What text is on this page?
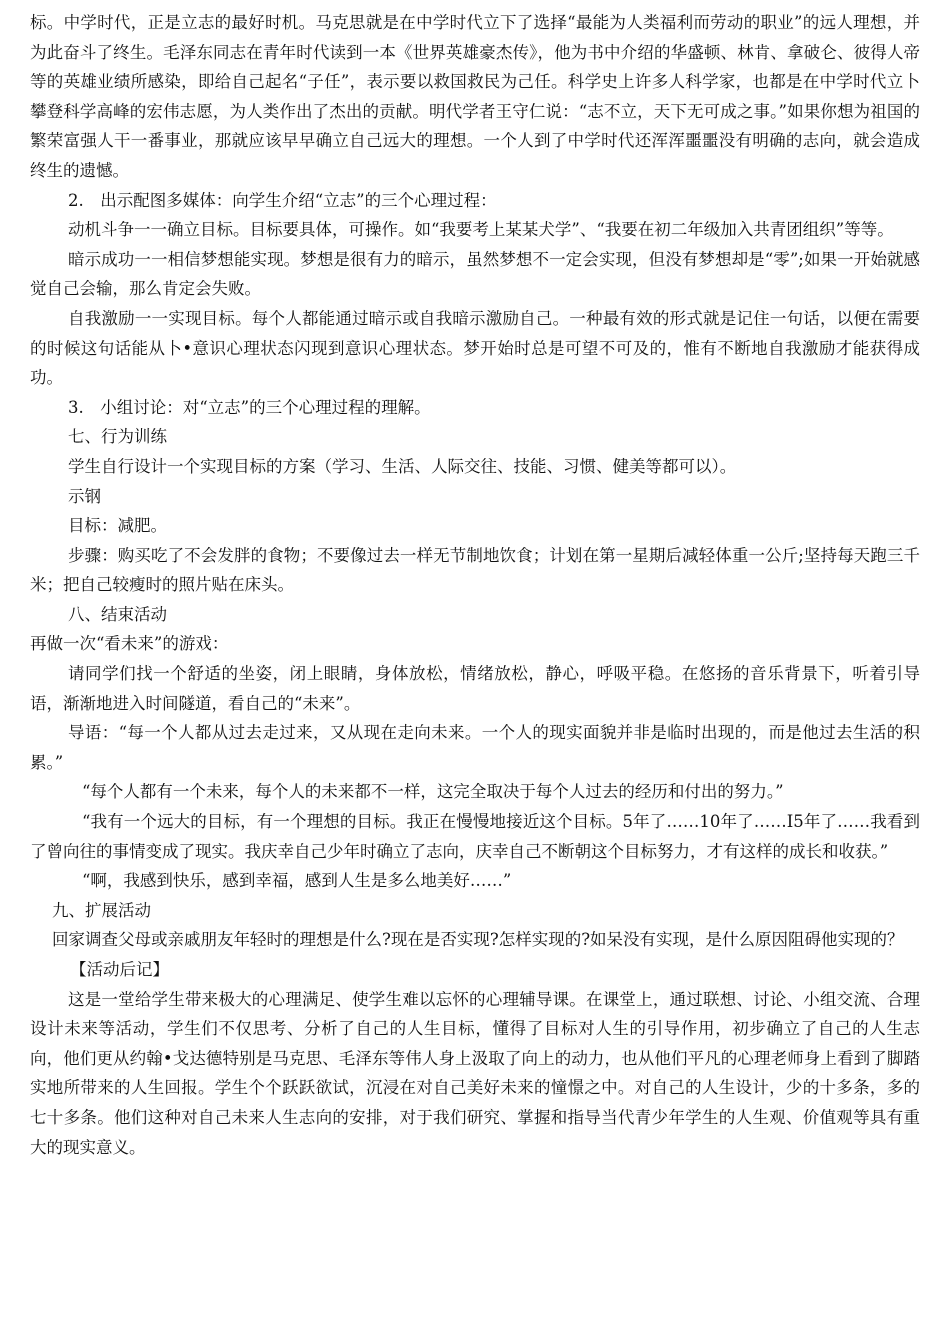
标。中学时代，正是立志的最好时机。马克思就是在中学时代立下了选择“最能为人类福利而劳动的职业”的远人理想，并为此奋斗了终生。毛泽东同志在青年时代读到一本《世界英雄豪杰传》，他为书中介绍的华盛顿、林肯、拿破仑、彼得人帝等的英雄业绩所感染，即给自己起名“子任”，表示要以救国救民为己任。科学史上许多人科学家，也都是在中学时代立卜攀登科学高峰的宏伟志愿，为人类作出了杰出的贡献。明代学者王守仁说：“志不立，天下无可成之事。”如果你想为祖国的繁荣富强人干一番事业，那就应该早早确立自己远大的理想。一个人到了中学时代还浑浑噩噩没有明确的志向，就会造成终生的遗憾。

2.　出示配图多媒体：向学生介绍“立志”的三个心理过程：

动机斗争一一确立目标。目标要具体，可操作。如“我要考上某某犬学”、“我要在初二年级加入共青团组织”等等。

暗示成功一一相信梦想能实现。梦想是很有力的暗示，虽然梦想不一定会实现，但没有梦想却是“零”;如果一开始就感觉自己会输，那么肯定会失败。

自我激励一一实现目标。每个人都能通过暗示或自我暗示激励自己。一种最有效的形式就是记住一句话，以便在需要的时候这句话能从卜•意识心理状态闪现到意识心理状态。梦开始时总是可望不可及的，惟有不断地自我激励才能获得成功。

3.　小组讨论：对“立志”的三个心理过程的理解。

七、行为训练

学生自行设计一个实现目标的方案（学习、生活、人际交往、技能、习惯、健美等都可以）。

示钢

目标：减肥。

步骤：购买吃了不会发胖的食物；不要像过去一样无节制地饮食；计划在第一星期后减轻体重一公斤;坚持每天跑三千米；把自己较瘦时的照片贴在床头。

八、结束活动

再做一次“看未来”的游戏：

请同学们找一个舒适的坐姿，闭上眼睛，身体放松，情绪放松，静心，呼吸平稳。在悠扬的音乐背景下，听着引导语，渐渐地进入时间隧道，看自己的“未来”。

导语：“每一个人都从过去走过来，又从现在走向未来。一个人的现实面貌并非是临时出现的，而是他过去生活的积累。”

“每个人都有一个未来，每个人的未来都不一样，这完全取决于每个人过去的经历和付出的努力。”

“我有一个远大的目标，有一个理想的目标。我正在慢慢地接近这个目标。5年了……10年了……I5年了……我看到了曾向往的事情变成了现实。我庆幸自己少年时确立了志向，庆幸自己不断朝这个目标努力，才有这样的成长和收获。”

“啊，我感到快乐，感到幸福，感到人生是多么地美好……”

九、扩展活动

回家调查父母或亲戚朋友年轻时的理想是什么?现在是否实现?怎样实现的?如呆没有实现，是什么原因阻碍他实现的？

【活动后记】

这是一堂给学生带来极大的心理满足、使学生难以忘怀的心理辅导课。在课堂上，通过联想、讨论、小组交流、合理设计未来等活动，学生们不仅思考、分析了自己的人生目标，懂得了目标对人生的引导作用，初步确立了自己的人生志向，他们更从约翰•戈达德特别是马克思、毛泽东等伟人身上汲取了向上的动力，也从他们平凡的心理老师身上看到了脚踏实地所带来的人生回报。学生个个跃跃欲试，沉浸在对自己美好未来的憧憬之中。对自己的人生设计，少的十多条，多的七十多条。他们这种对自己未来人生志向的安排，对于我们研究、掌握和指导当代青少年学生的人生观、价值观等具有重大的现实意义。
